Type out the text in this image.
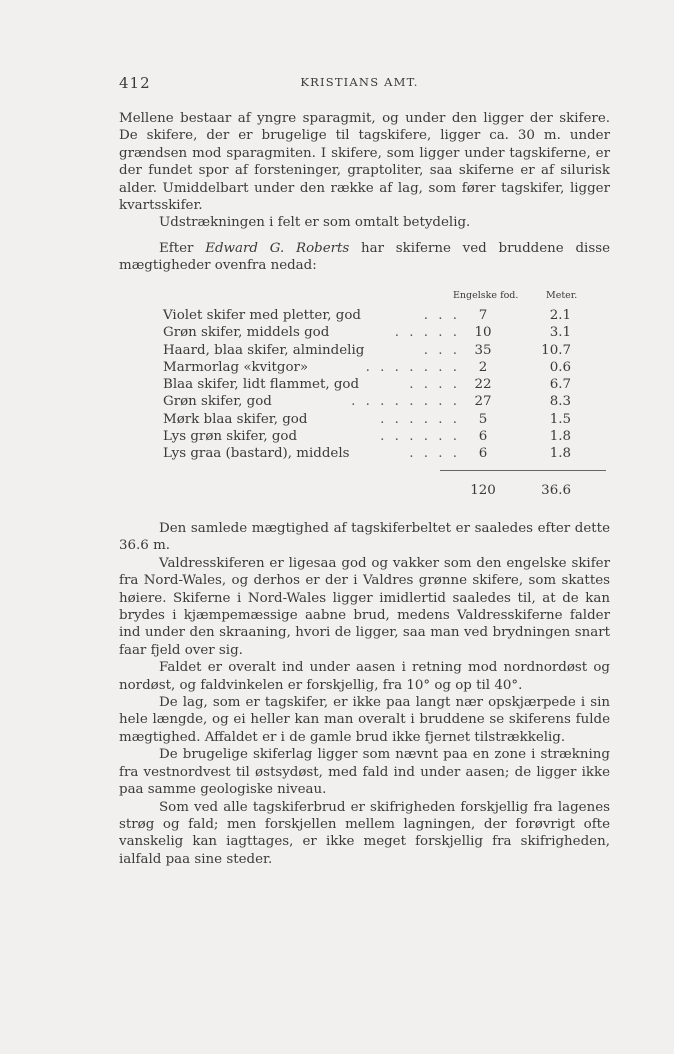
412	KRISTIANS AMT.

Mellene bestaar af yngre sparagmit, og under den ligger der skifere. De skifere, der er brugelige til tagskifere, ligger ca. 30 m. under grændsen mod sparagmiten. I skifere, som ligger under tagskiferne, er der fundet spor af forsteninger, graptoliter, saa skiferne er af silurisk alder. Umiddelbart under den række af lag, som fører tagskifer, ligger kvartsskifer.

Udstrækningen i felt er som omtalt betydelig.

Efter Edward G. Roberts har skiferne ved bruddene disse mægtigheder ovenfra nedad:

Engelske fod.	Meter.
Violet skifer med pletter, god	. . .	7	2.1
Grøn skifer, middels god	. . . . .	10	3.1
Haard, blaa skifer, almindelig	. . .	35	10.7
Marmorlag «kvitgor»	. . . . . . .	2	0.6
Blaa skifer, lidt flammet, god	. . . .	22	6.7
Grøn skifer, god	. . . . . . . .	27	8.3
Mørk blaa skifer, god	. . . . . .	5	1.5
Lys grøn skifer, god	. . . . . .	6	1.8
Lys graa (bastard), middels	. . . .	6	1.8
120	36.6

Den samlede mægtighed af tagskiferbeltet er saaledes efter dette 36.6 m.

Valdresskiferen er ligesaa god og vakker som den engelske skifer fra Nord-Wales, og derhos er der i Valdres grønne skifere, som skattes høiere. Skiferne i Nord-Wales ligger imidlertid saaledes til, at de kan brydes i kjæmpemæssige aabne brud, medens Valdresskiferne falder ind under den skraaning, hvori de ligger, saa man ved brydningen snart faar fjeld over sig.

Faldet er overalt ind under aasen i retning mod nordnordøst og nordøst, og faldvinkelen er forskjellig, fra 10° og op til 40°.

De lag, som er tagskifer, er ikke paa langt nær opskjærpede i sin hele længde, og ei heller kan man overalt i bruddene se skiferens fulde mægtighed. Affaldet er i de gamle brud ikke fjernet tilstrækkelig.

De brugelige skiferlag ligger som nævnt paa en zone i strækning fra vestnordvest til østsydøst, med fald ind under aasen; de ligger ikke paa samme geologiske niveau.

Som ved alle tagskiferbrud er skifrigheden forskjellig fra lagenes strøg og fald; men forskjellen mellem lagningen, der forøvrigt ofte vanskelig kan iagttages, er ikke meget forskjellig fra skifrigheden, ialfald paa sine steder.
